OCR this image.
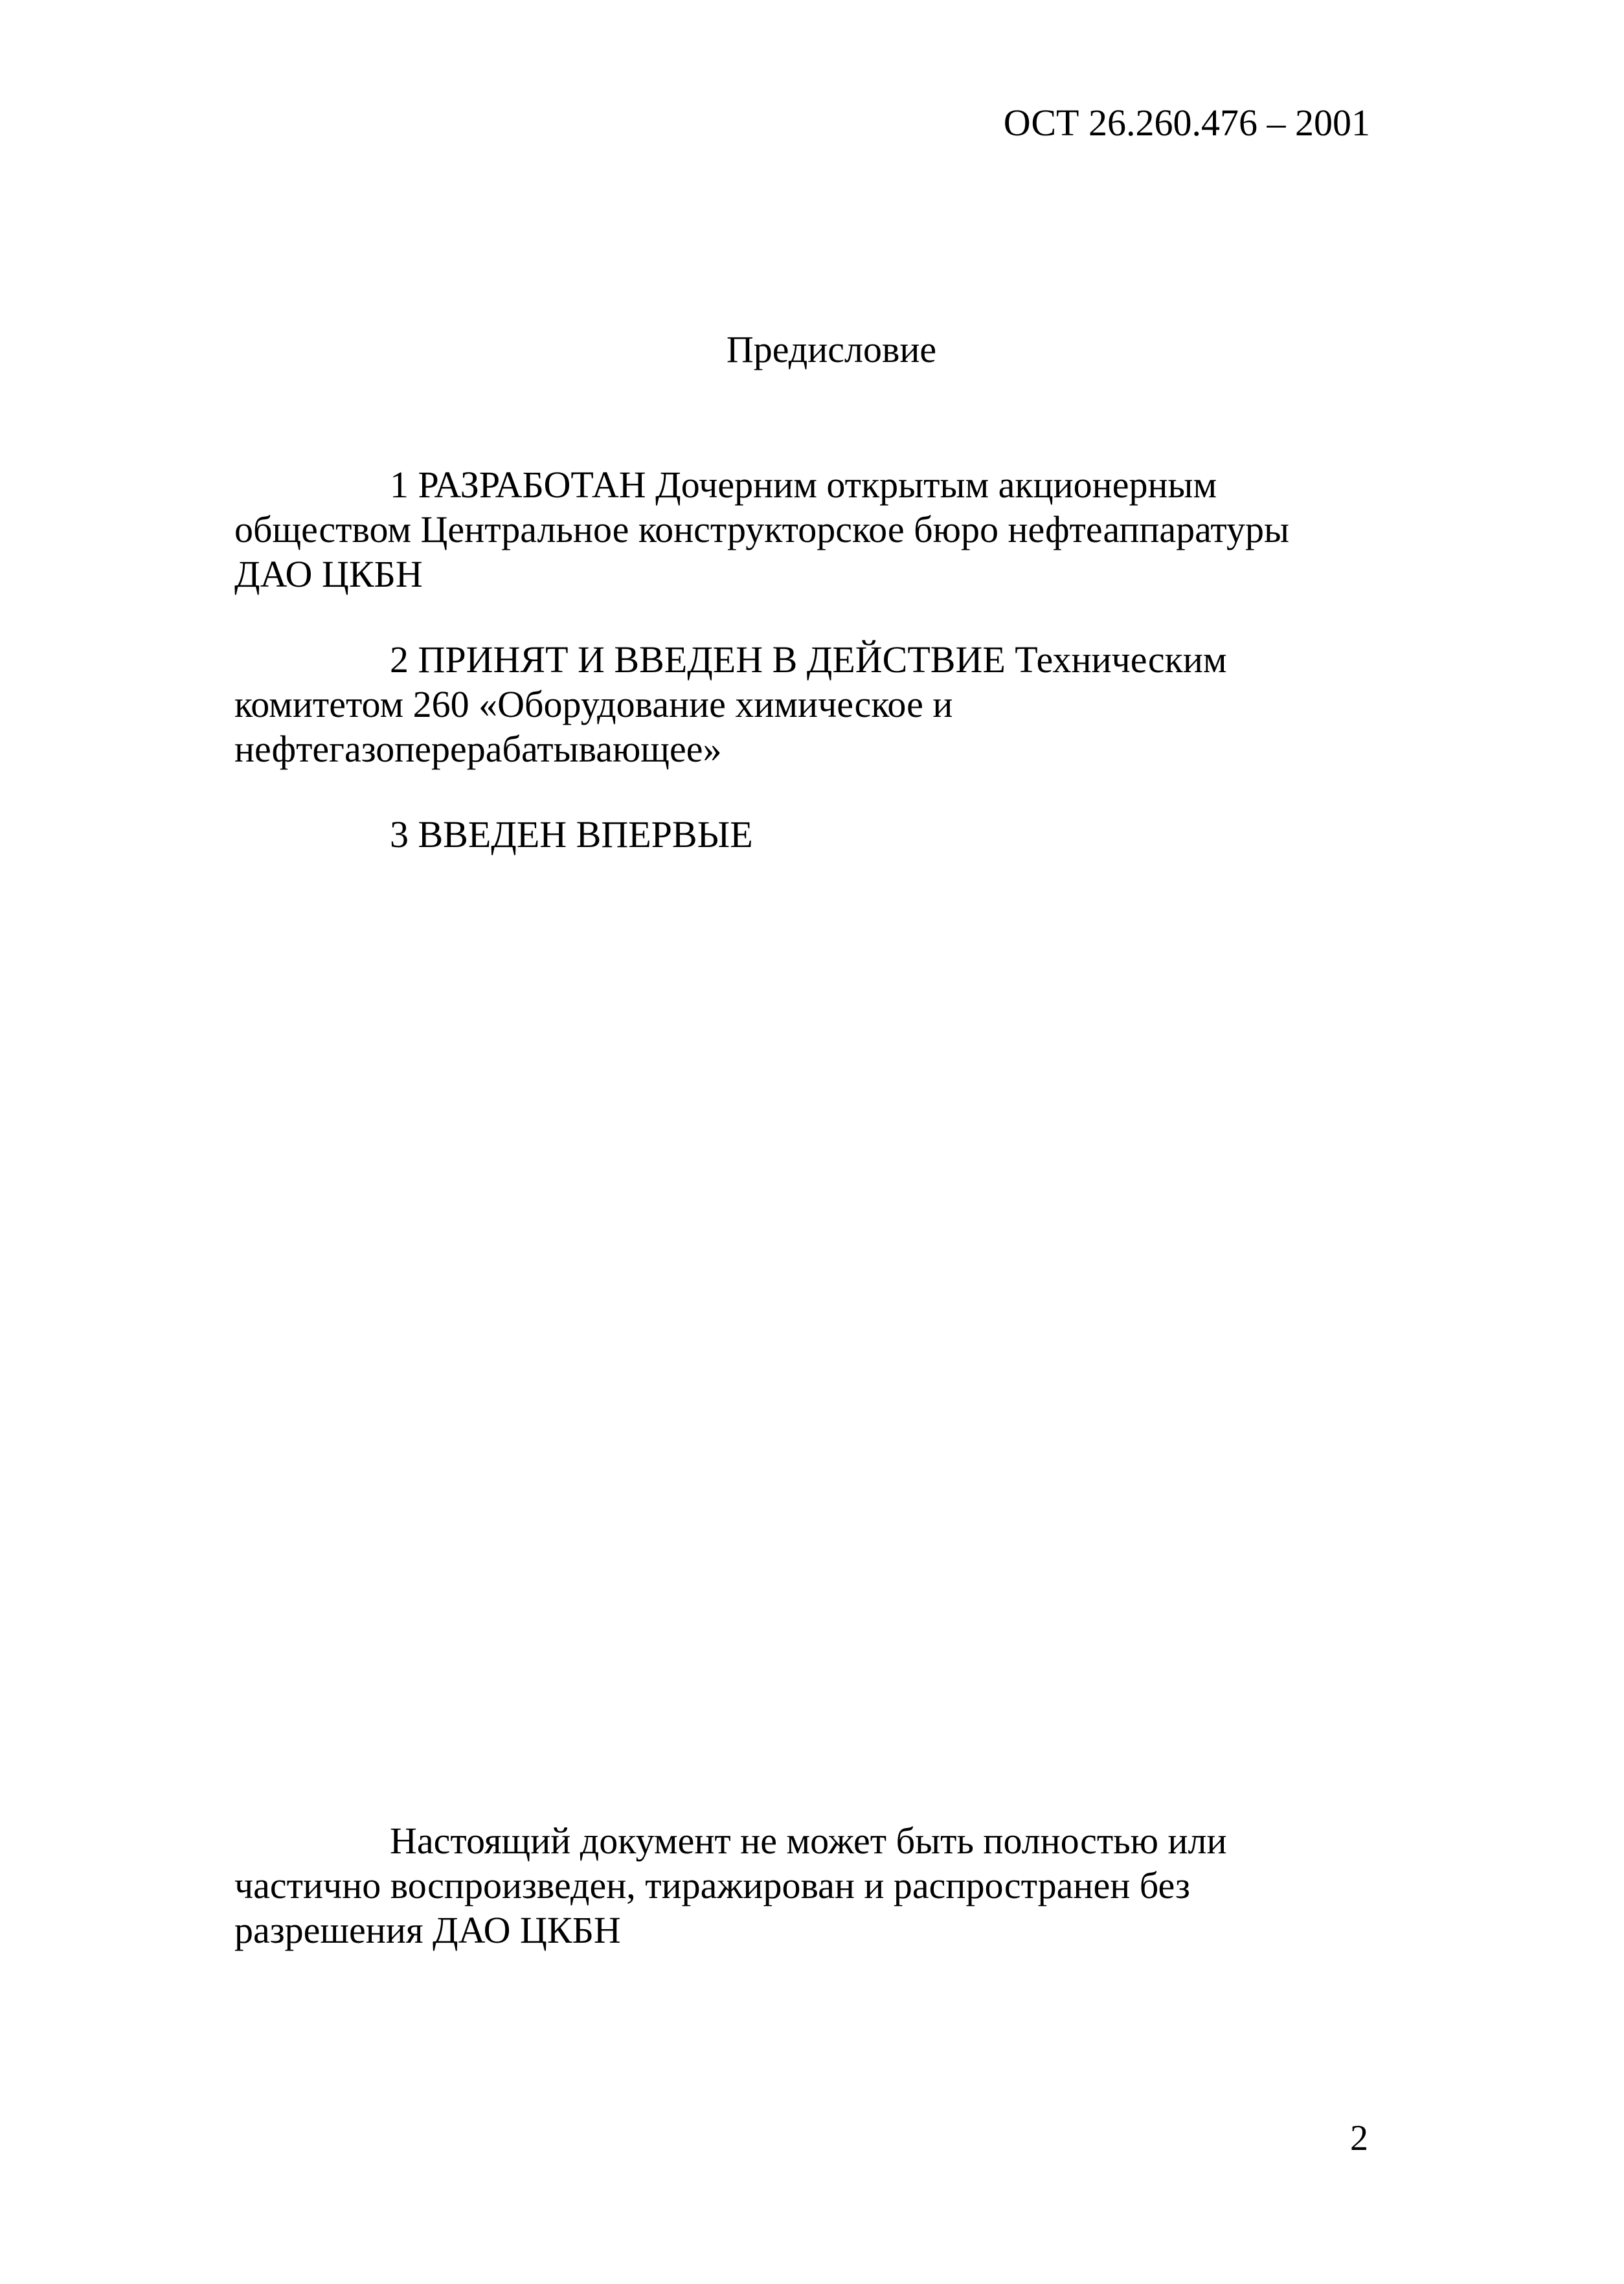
ОСТ 26.260.476 – 2001
Предисловие
1 РАЗРАБОТАН Дочерним открытым акционерным
обществом Центральное конструкторское бюро нефтеаппаратуры
ДАО ЦКБН
2 ПРИНЯТ И ВВЕДЕН В ДЕЙСТВИЕ Техническим
комитетом 260 «Оборудование химическое и
нефтегазоперерабатывающее»
3 ВВЕДЕН ВПЕРВЫЕ
Настоящий документ не может быть полностью или
частично воспроизведен, тиражирован и распространен без
разрешения ДАО ЦКБН
2
